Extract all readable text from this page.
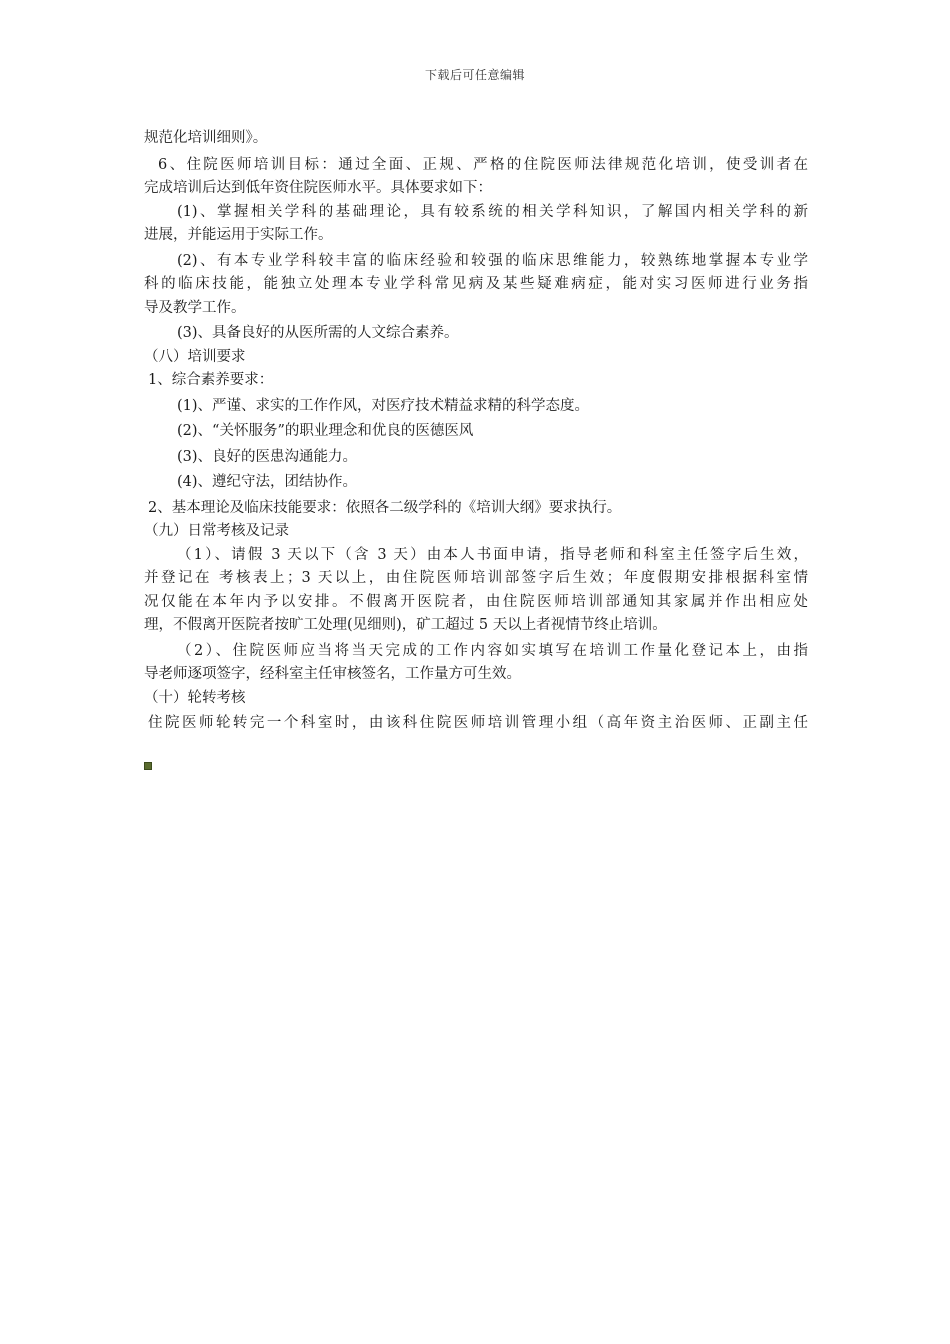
下载后可任意编辑
规范化培训细则》。
6、住院医师培训目标：通过全面、正规、严格的住院医师法律规范化培训，使受训者在
完成培训后达到低年资住院医师水平。具体要求如下：
(1)、掌握相关学科的基础理论，具有较系统的相关学科知识，了解国内相关学科的新
进展，并能运用于实际工作。
(2)、有本专业学科较丰富的临床经验和较强的临床思维能力，较熟练地掌握本专业学
科的临床技能，能独立处理本专业学科常见病及某些疑难病症，能对实习医师进行业务指
导及教学工作。
(3)、具备良好的从医所需的人文综合素养。
（八）培训要求
1、综合素养要求：
(1)、严谨、求实的工作作风，对医疗技术精益求精的科学态度。
(2)、“关怀服务”的职业理念和优良的医德医风
(3)、良好的医患沟通能力。
(4)、遵纪守法，团结协作。
2、基本理论及临床技能要求：依照各二级学科的《培训大纲》要求执行。
（九）日常考核及记录
（1）、请假 3 天以下（含 3 天）由本人书面申请，指导老师和科室主任签字后生效，
并登记在 考核表上；3 天以上，由住院医师培训部签字后生效；年度假期安排根据科室情
况仅能在本年内予以安排。不假离开医院者，由住院医师培训部通知其家属并作出相应处
理，不假离开医院者按旷工处理(见细则)，矿工超过 5 天以上者视情节终止培训。
（2）、住院医师应当将当天完成的工作内容如实填写在培训工作量化登记本上，由指
导老师逐项签字，经科室主任审核签名，工作量方可生效。
（十）轮转考核
住院医师轮转完一个科室时，由该科住院医师培训管理小组（高年资主治医师、正副主任
